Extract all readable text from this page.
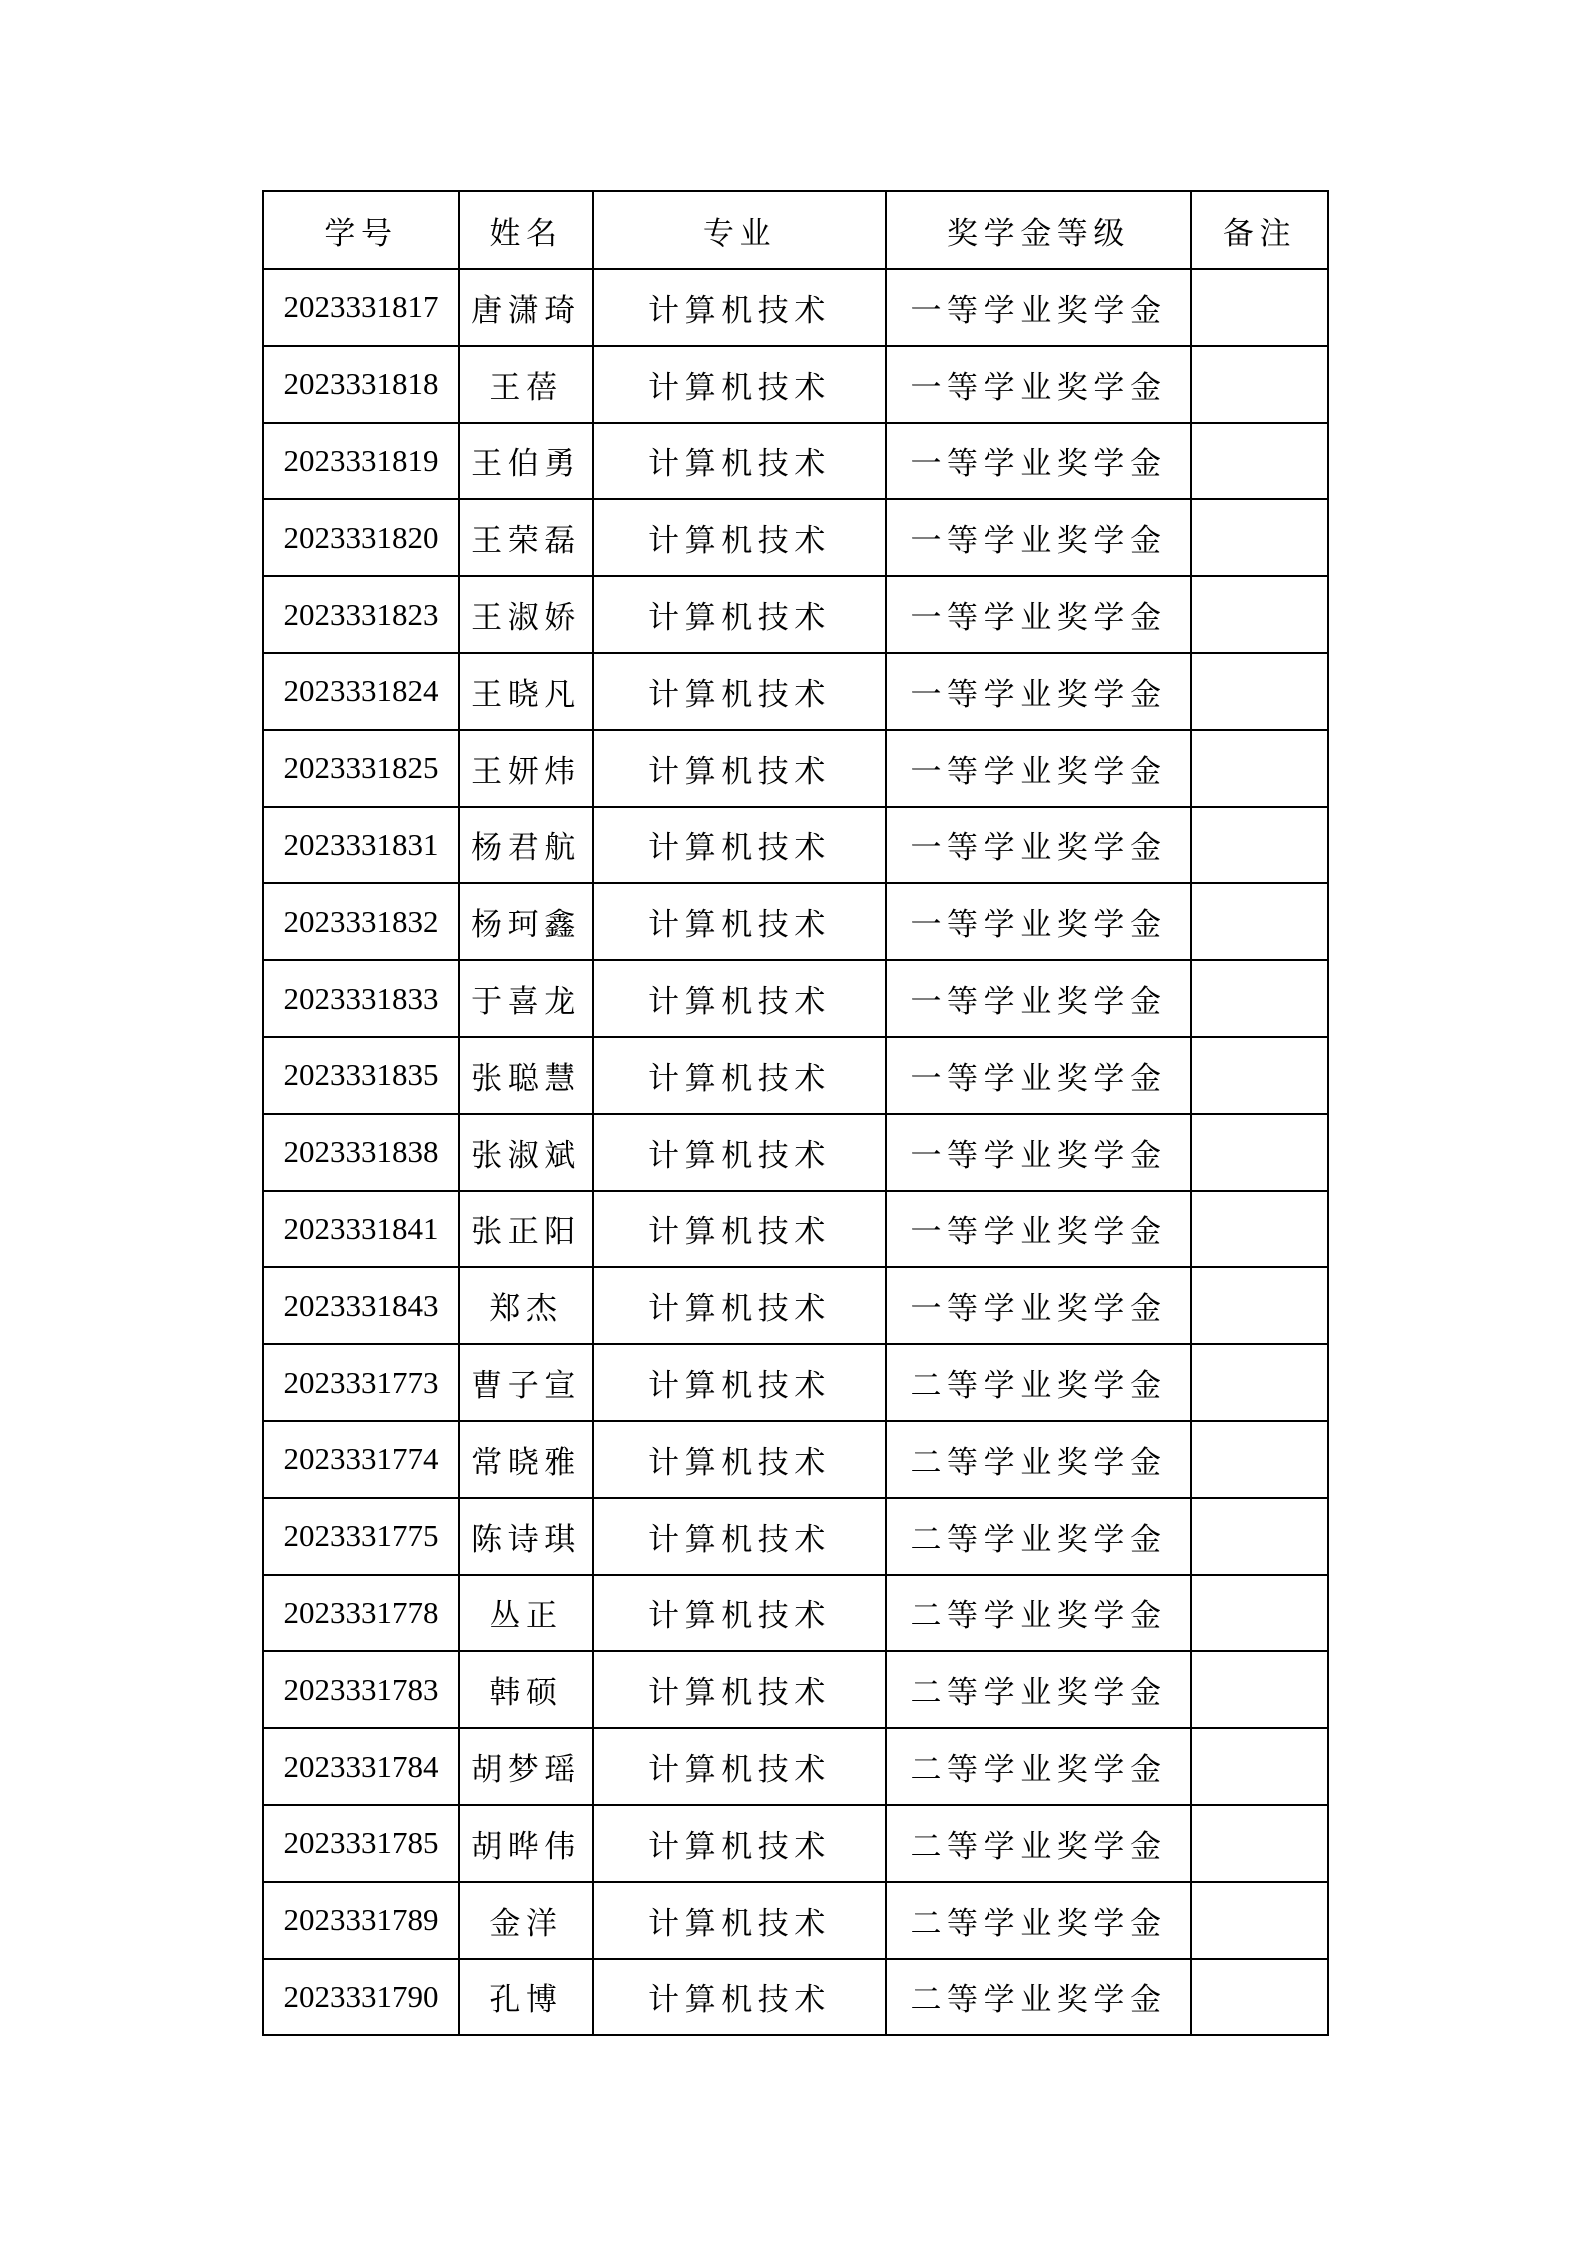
学号	姓名	专业	奖学金等级	备注
2023331817	唐潇琦	计算机技术	一等学业奖学金	
2023331818	王蓓	计算机技术	一等学业奖学金	
2023331819	王伯勇	计算机技术	一等学业奖学金	
2023331820	王荣磊	计算机技术	一等学业奖学金	
2023331823	王淑娇	计算机技术	一等学业奖学金	
2023331824	王晓凡	计算机技术	一等学业奖学金	
2023331825	王妍炜	计算机技术	一等学业奖学金	
2023331831	杨君航	计算机技术	一等学业奖学金	
2023331832	杨珂鑫	计算机技术	一等学业奖学金	
2023331833	于喜龙	计算机技术	一等学业奖学金	
2023331835	张聪慧	计算机技术	一等学业奖学金	
2023331838	张淑斌	计算机技术	一等学业奖学金	
2023331841	张正阳	计算机技术	一等学业奖学金	
2023331843	郑杰	计算机技术	一等学业奖学金	
2023331773	曹子宣	计算机技术	二等学业奖学金	
2023331774	常晓雅	计算机技术	二等学业奖学金	
2023331775	陈诗琪	计算机技术	二等学业奖学金	
2023331778	丛正	计算机技术	二等学业奖学金	
2023331783	韩硕	计算机技术	二等学业奖学金	
2023331784	胡梦瑶	计算机技术	二等学业奖学金	
2023331785	胡晔伟	计算机技术	二等学业奖学金	
2023331789	金洋	计算机技术	二等学业奖学金	
2023331790	孔博	计算机技术	二等学业奖学金	
